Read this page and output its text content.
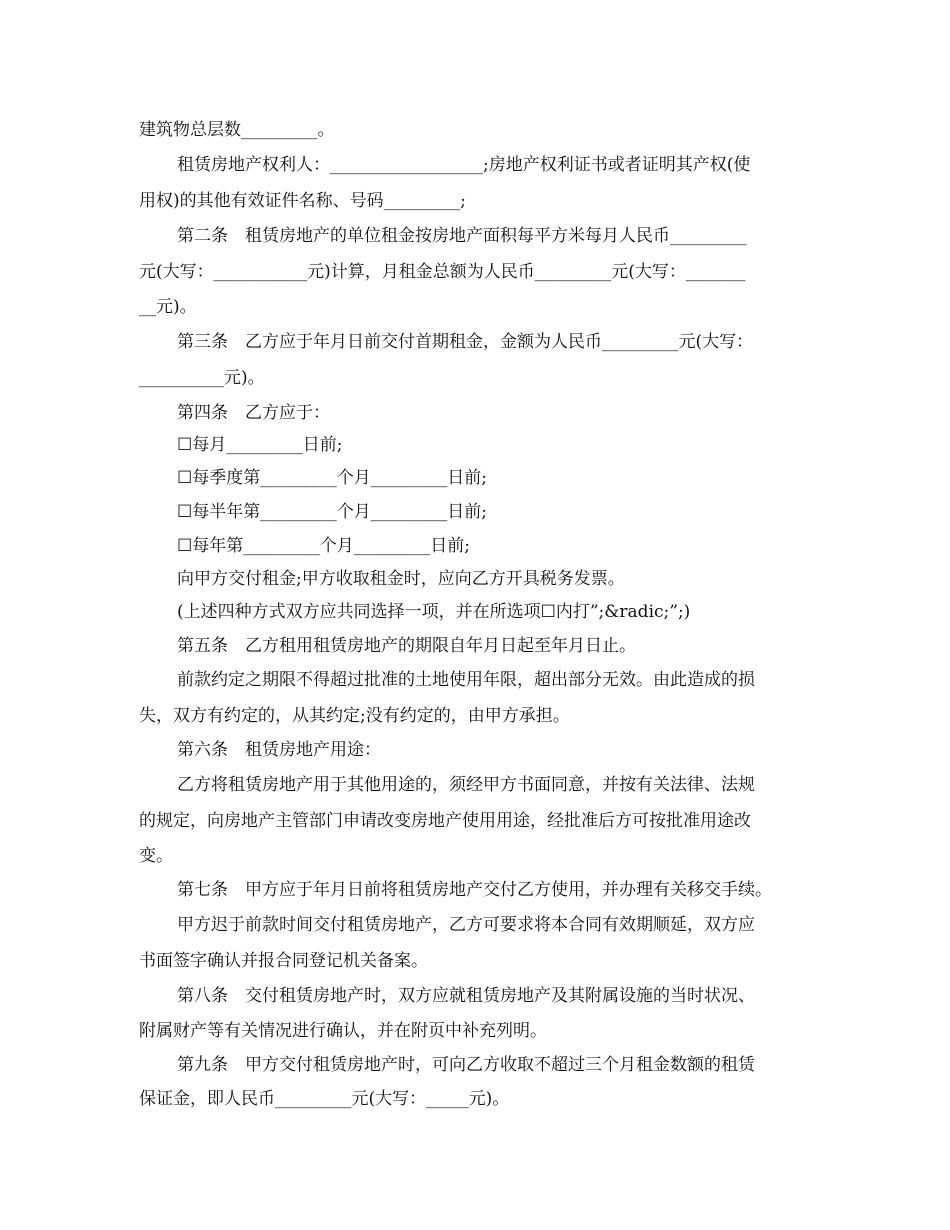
建筑物总层数_________。
租赁房地产权利人：__________________;房地产权利证书或者证明其产权(使
用权)的其他有效证件名称、号码_________;
第二条　租赁房地产的单位租金按房地产面积每平方米每月人民币_________
元(大写：___________元)计算，月租金总额为人民币_________元(大写：_______
__元)。
第三条　乙方应于年月日前交付首期租金，金额为人民币_________元(大写：
__________元)。
第四条　乙方应于：
☐每月_________日前;
☐每季度第_________个月_________日前;
☐每半年第_________个月_________日前;
☐每年第_________个月_________日前;
向甲方交付租金;甲方收取租金时，应向乙方开具税务发票。
(上述四种方式双方应共同选择一项，并在所选项☐内打”;&radic;”;)
第五条　乙方租用租赁房地产的期限自年月日起至年月日止。
前款约定之期限不得超过批准的土地使用年限，超出部分无效。由此造成的损
失，双方有约定的，从其约定;没有约定的，由甲方承担。
第六条　租赁房地产用途：
乙方将租赁房地产用于其他用途的，须经甲方书面同意，并按有关法律、法规
的规定，向房地产主管部门申请改变房地产使用用途，经批准后方可按批准用途改
变。
第七条　甲方应于年月日前将租赁房地产交付乙方使用，并办理有关移交手续。
甲方迟于前款时间交付租赁房地产，乙方可要求将本合同有效期顺延，双方应
书面签字确认并报合同登记机关备案。
第八条　交付租赁房地产时，双方应就租赁房地产及其附属设施的当时状况、
附属财产等有关情况进行确认，并在附页中补充列明。
第九条　甲方交付租赁房地产时，可向乙方收取不超过三个月租金数额的租赁
保证金，即人民币_________元(大写：_____元)。
